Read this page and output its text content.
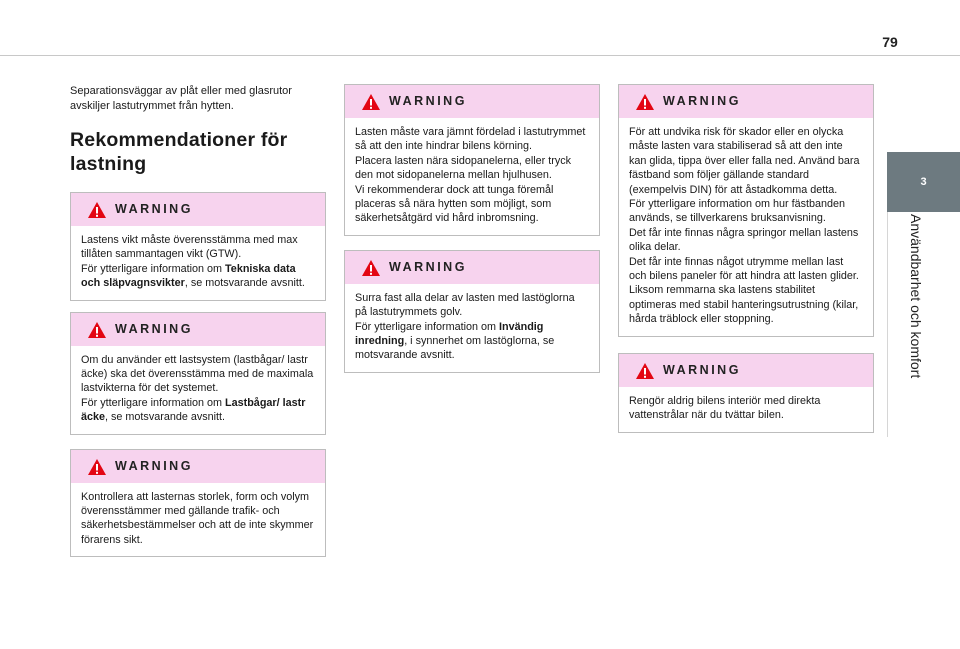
79
3
Användbarhet och komfort

Separationsväggar av plåt eller med glasrutor avskiljer lastutrymmet från hytten.

Rekommendationer för lastning
WARNING

Lastens vikt måste överensstämma med max tillåten sammantagen vikt (GTW).

För ytterligare information om Tekniska data och släpvagnsvikter, se motsvarande avsnitt.

WARNING

Om du använder ett lastsystem (lastbågar/ lastr​äcke) ska det överensstämma med de maximala lastvikterna för det systemet.

För ytterligare information om Lastbågar/ lastr​äcke, se motsvarande avsnitt.

WARNING

Kontrollera att lasternas storlek, form och volym överensstämmer med gällande trafik- och säkerhetsbestämmelser och att de inte skymmer förarens sikt.

WARNING

Lasten måste vara jämnt fördelad i lastutrymmet så att den inte hindrar bilens körning.

Placera lasten nära sidopanelerna, eller tryck den mot sidopanelerna mellan hjulhusen.

Vi rekommenderar dock att tunga föremål placeras så nära hytten som möjligt, som säkerhetsåtgärd vid hård inbromsning.

WARNING

Surra fast alla delar av lasten med lastöglorna på lastutrymmets golv.

För ytterligare information om Invändig inredning, i synnerhet om lastöglorna, se motsvarande avsnitt.

WARNING

För att undvika risk för skador eller en olycka måste lasten vara stabiliserad så att den inte kan glida, tippa över eller falla ned. Använd bara fästband som följer gällande standard (exempelvis DIN) för att åstadkomma detta.

För ytterligare information om hur fästbanden används, se tillverkarens bruksanvisning.

Det får inte finnas några springor mellan lastens olika delar.

Det får inte finnas något utrymme mellan last och bilens paneler för att hindra att lasten glider.

Liksom remmarna ska lastens stabilitet optimeras med stabil hanteringsutrustning (kilar, hårda träblock eller stoppning.

WARNING

Rengör aldrig bilens interiör med direkta vattenstrålar när du tvättar bilen.
